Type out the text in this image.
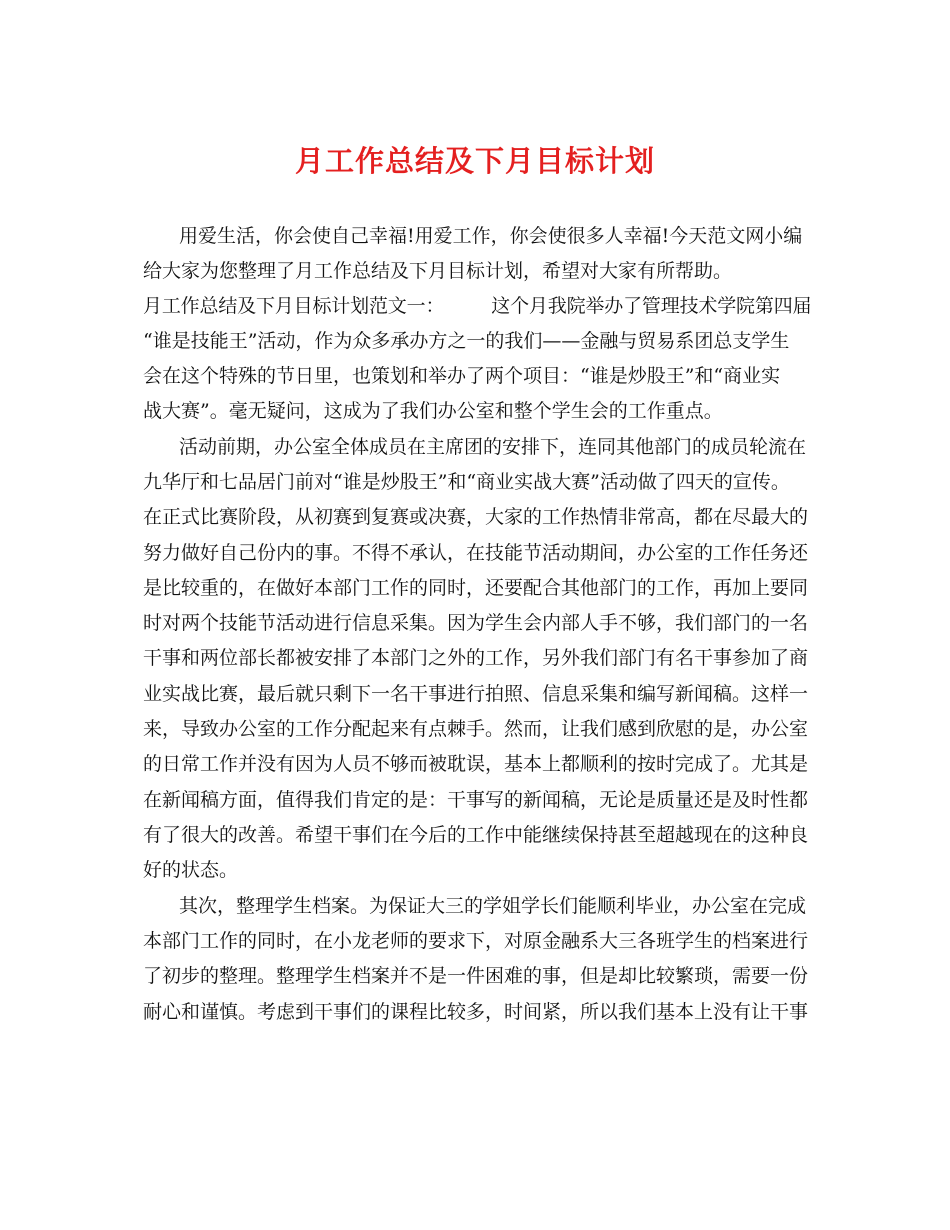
月工作总结及下月目标计划
用爱生活，你会使自己幸福!用爱工作，你会使很多人幸福!今天范文网小编
给大家为您整理了月工作总结及下月目标计划，希望对大家有所帮助。
月工作总结及下月目标计划范文一：　　　这个月我院举办了管理技术学院第四届
“谁是技能王”活动，作为众多承办方之一的我们——金融与贸易系团总支学生
会在这个特殊的节日里，也策划和举办了两个项目：“谁是炒股王”和“商业实
战大赛”。毫无疑问，这成为了我们办公室和整个学生会的工作重点。
活动前期，办公室全体成员在主席团的安排下，连同其他部门的成员轮流在
九华厅和七品居门前对“谁是炒股王”和“商业实战大赛”活动做了四天的宣传。
在正式比赛阶段，从初赛到复赛或决赛，大家的工作热情非常高，都在尽最大的
努力做好自己份内的事。不得不承认，在技能节活动期间，办公室的工作任务还
是比较重的，在做好本部门工作的同时，还要配合其他部门的工作，再加上要同
时对两个技能节活动进行信息采集。因为学生会内部人手不够，我们部门的一名
干事和两位部长都被安排了本部门之外的工作，另外我们部门有名干事参加了商
业实战比赛，最后就只剩下一名干事进行拍照、信息采集和编写新闻稿。这样一
来，导致办公室的工作分配起来有点棘手。然而，让我们感到欣慰的是，办公室
的日常工作并没有因为人员不够而被耽误，基本上都顺利的按时完成了。尤其是
在新闻稿方面，值得我们肯定的是：干事写的新闻稿，无论是质量还是及时性都
有了很大的改善。希望干事们在今后的工作中能继续保持甚至超越现在的这种良
好的状态。
其次，整理学生档案。为保证大三的学姐学长们能顺利毕业，办公室在完成
本部门工作的同时，在小龙老师的要求下，对原金融系大三各班学生的档案进行
了初步的整理。整理学生档案并不是一件困难的事，但是却比较繁琐，需要一份
耐心和谨慎。考虑到干事们的课程比较多，时间紧，所以我们基本上没有让干事
